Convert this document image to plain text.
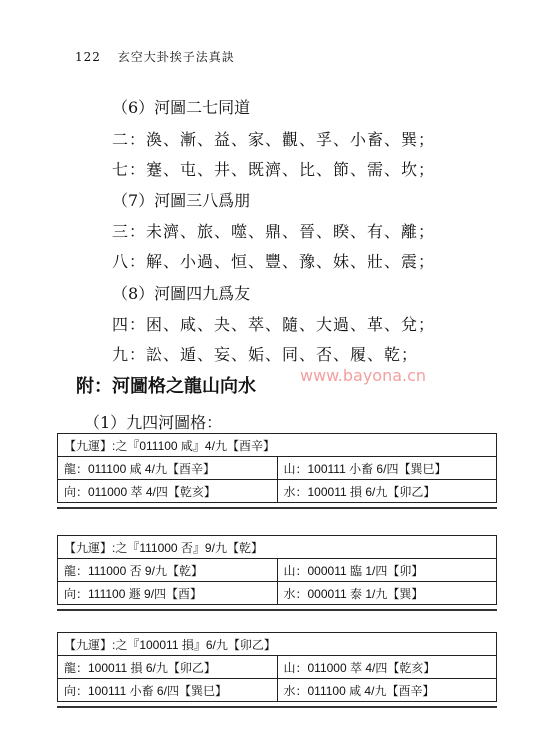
122 玄空大卦挨子法真訣
（6）河圖二七同道
二：渙、漸、益、家、觀、孚、小畜、巽；
七：蹇、屯、井、既濟、比、節、需、坎；
（7）河圖三八爲朋
三：未濟、旅、噬、鼎、晉、睽、有、離；
八：解、小過、恒、豐、豫、妹、壯、震；
（8）河圖四九爲友
四：困、咸、夬、萃、隨、大過、革、兌；
九：訟、遁、妄、姤、同、否、履、乾；
附：河圖格之龍山向水
www.bayona.cn
（1）九四河圖格：
【九運】:之『011100 咸』4/九【酉辛】	
龍：011100 咸 4/九【酉辛】	山：100111 小畜 6/四【巽巳】
向：011000 萃 4/四【乾亥】	水：100011 損 6/九【卯乙】
【九運】:之『111000 否』9/九【乾】	
龍：111000 否 9/九【乾】	山：000011 臨 1/四【卯】
向：111100 遯 9/四【酉】	水：000011 泰 1/九【巽】
【九運】:之『100011 損』6/九【卯乙】	
龍：100011 損 6/九【卯乙】	山：011000 萃 4/四【乾亥】
向：100111 小畜 6/四【巽巳】	水：011100 咸 4/九【酉辛】
